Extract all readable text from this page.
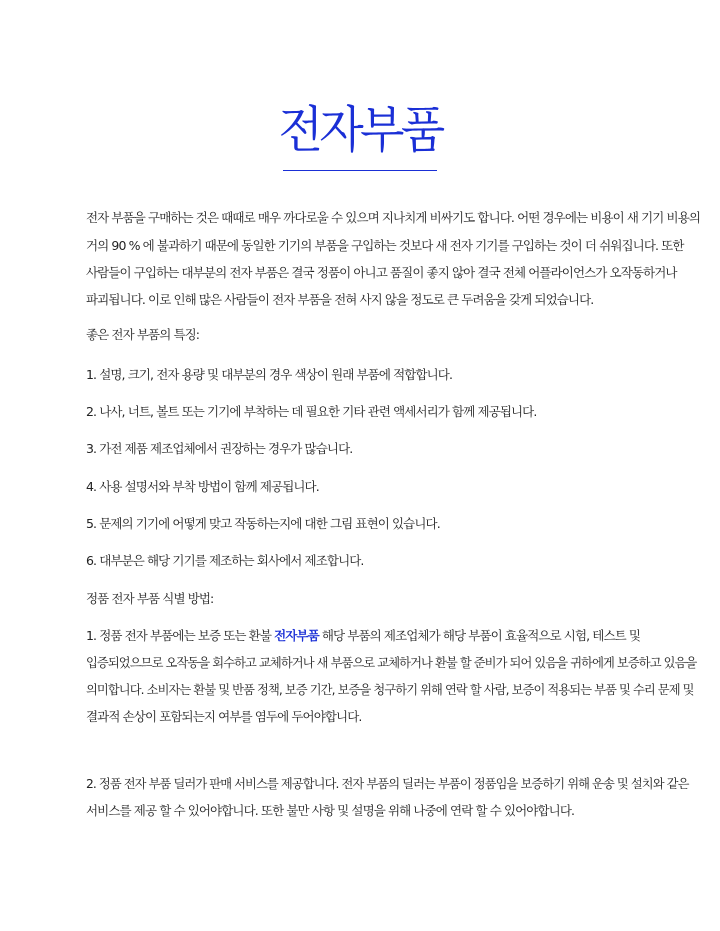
전자부품
전자 부품을 구매하는 것은 때때로 매우 까다로울 수 있으며 지나치게 비싸기도 합니다. 어떤 경우에는 비용이 새 기기 비용의
거의 90 % 에 불과하기 때문에 동일한 기기의 부품을 구입하는 것보다 새 전자 기기를 구입하는 것이 더 쉬워집니다. 또한
사람들이 구입하는 대부분의 전자 부품은 결국 정품이 아니고 품질이 좋지 않아 결국 전체 어플라이언스가 오작동하거나
파괴됩니다. 이로 인해 많은 사람들이 전자 부품을 전혀 사지 않을 정도로 큰 두려움을 갖게 되었습니다.
좋은 전자 부품의 특징:
1. 설명, 크기, 전자 용량 및 대부분의 경우 색상이 원래 부품에 적합합니다.
2. 나사, 너트, 볼트 또는 기기에 부착하는 데 필요한 기타 관련 액세서리가 함께 제공됩니다.
3. 가전 제품 제조업체에서 권장하는 경우가 많습니다.
4. 사용 설명서와 부착 방법이 함께 제공됩니다.
5. 문제의 기기에 어떻게 맞고 작동하는지에 대한 그림 표현이 있습니다.
6. 대부분은 해당 기기를 제조하는 회사에서 제조합니다.
정품 전자 부품 식별 방법:
1. 정품 전자 부품에는 보증 또는 환불 전자부품 해당 부품의 제조업체가 해당 부품이 효율적으로 시험, 테스트 및
입증되었으므로 오작동을 회수하고 교체하거나 새 부품으로 교체하거나 환불 할 준비가 되어 있음을 귀하에게 보증하고 있음을
의미합니다. 소비자는 환불 및 반품 정책, 보증 기간, 보증을 청구하기 위해 연락 할 사람, 보증이 적용되는 부품 및 수리 문제 및
결과적 손상이 포함되는지 여부를 염두에 두어야합니다.
2. 정품 전자 부품 딜러가 판매 서비스를 제공합니다. 전자 부품의 딜러는 부품이 정품임을 보증하기 위해 운송 및 설치와 같은
서비스를 제공 할 수 있어야합니다. 또한 불만 사항 및 설명을 위해 나중에 연락 할 수 있어야합니다.
